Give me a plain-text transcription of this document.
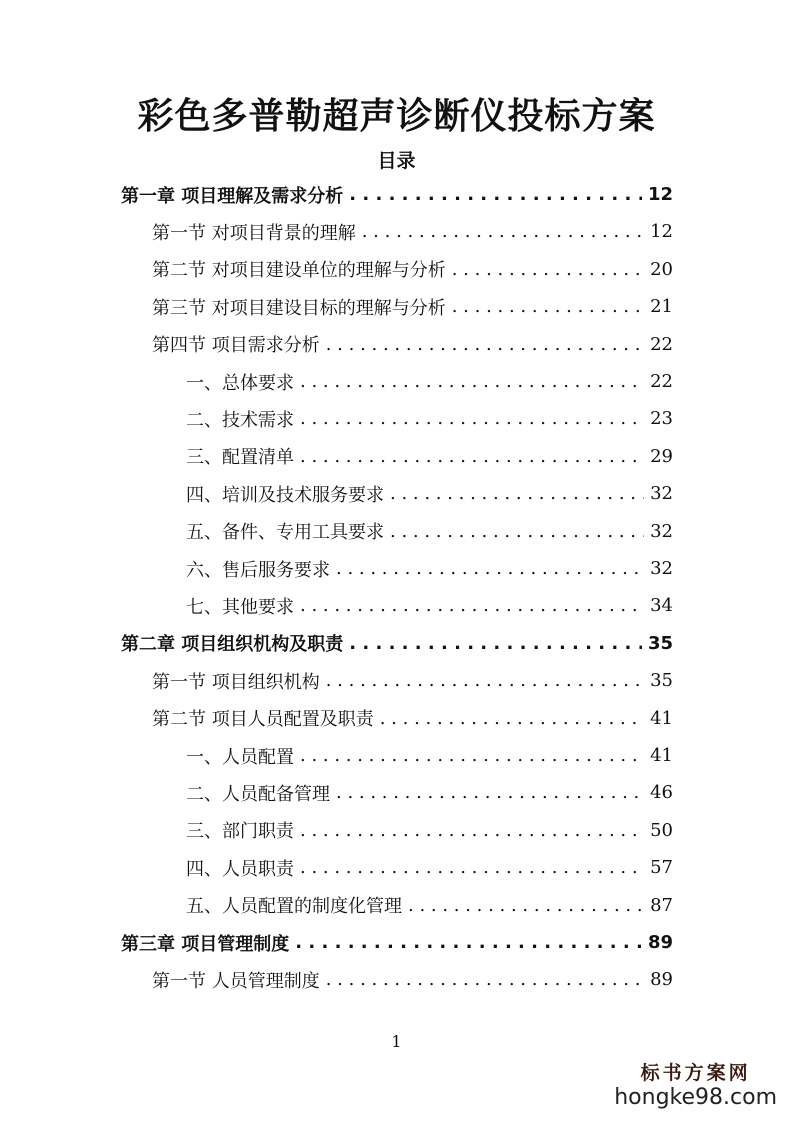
彩色多普勒超声诊断仪投标方案
目录
第一章 项目理解及需求分析 . . .	12
第一节 对项目背景的理解 . . .	12
第二节 对项目建设单位的理解与分析 . . .	20
第三节 对项目建设目标的理解与分析 . . .	21
第四节 项目需求分析 . . .	22
一、总体要求 . . .	22
二、技术需求 . . .	23
三、配置清单 . . .	29
四、培训及技术服务要求 . . .	32
五、备件、专用工具要求 . . .	32
六、售后服务要求 . . .	32
七、其他要求 . . .	34
第二章 项目组织机构及职责 . . .	35
第一节 项目组织机构 . . .	35
第二节 项目人员配置及职责 . . .	41
一、人员配置 . . .	41
二、人员配备管理 . . .	46
三、部门职责 . . .	50
四、人员职责 . . .	57
五、人员配置的制度化管理 . . .	87
第三章 项目管理制度 . . .	89
第一节 人员管理制度 . . .	89
1
标书方案网
hongke98.com
